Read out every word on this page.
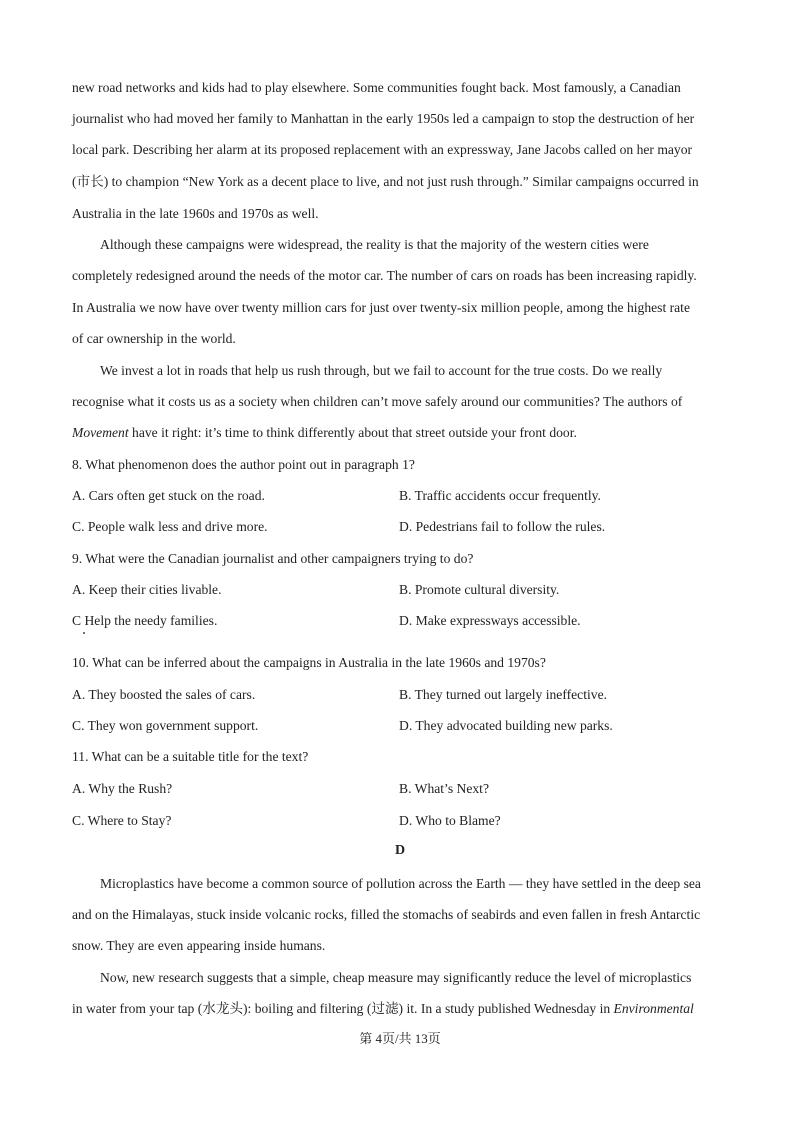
new road networks and kids had to play elsewhere. Some communities fought back. Most famously, a Canadian
journalist who had moved her family to Manhattan in the early 1950s led a campaign to stop the destruction of her
local park. Describing her alarm at its proposed replacement with an expressway, Jane Jacobs called on her mayor
(市长) to champion “New York as a decent place to live, and not just rush through.” Similar campaigns occurred in
Australia in the late 1960s and 1970s as well.
Although these campaigns were widespread, the reality is that the majority of the western cities were
completely redesigned around the needs of the motor car. The number of cars on roads has been increasing rapidly.
In Australia we now have over twenty million cars for just over twenty-six million people, among the highest rate
of car ownership in the world.
We invest a lot in roads that help us rush through, but we fail to account for the true costs. Do we really
recognise what it costs us as a society when children can’t move safely around our communities? The authors of
Movement have it right: it’s time to think differently about that street outside your front door.
8. What phenomenon does the author point out in paragraph 1?
A. Cars often get stuck on the road.	B. Traffic accidents occur frequently.
C. People walk less and drive more.	D. Pedestrians fail to follow the rules.
9. What were the Canadian journalist and other campaigners trying to do?
A. Keep their cities livable.	B. Promote cultural diversity.
C Help the needy families.	D. Make expressways accessible.
10. What can be inferred about the campaigns in Australia in the late 1960s and 1970s?
A. They boosted the sales of cars.	B. They turned out largely ineffective.
C. They won government support.	D. They advocated building new parks.
11. What can be a suitable title for the text?
A. Why the Rush?	B. What’s Next?
C. Where to Stay?	D. Who to Blame?
D
Microplastics have become a common source of pollution across the Earth — they have settled in the deep sea
and on the Himalayas, stuck inside volcanic rocks, filled the stomachs of seabirds and even fallen in fresh Antarctic
snow. They are even appearing inside humans.
Now, new research suggests that a simple, cheap measure may significantly reduce the level of microplastics
in water from your tap (水龙头): boiling and filtering (过滤) it. In a study published Wednesday in Environmental
第 4页/共 13页
